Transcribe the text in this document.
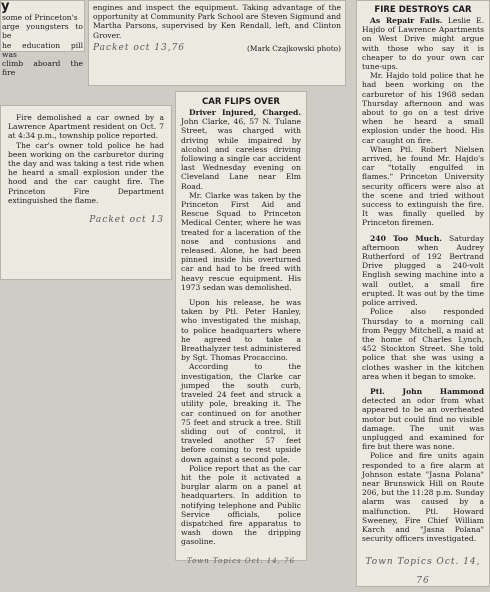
y

some of Princeton's

arge youngsters to be

he education pill was

climb aboard the fire

engines and inspect the equipment. Taking advantage of the opportunity at Community Park School are Steven Sigmund and Martha Parsons, supervised by Ken Rendall, left, and Clinton Grover.

Packet oct 13,76	(Mark Czajkowski photo)

Fire demolished a car owned by a Lawrence Apartment resident on Oct. 7 at 4:34 p.m., township police reported.

The car's owner told police he had been working on the carburetor during the day and was taking a test ride when he heard a small explosion under the hood and the car caught fire. The Princeton Fire Department extinguished the flame.

Packet oct 13
CAR FLIPS OVER

Driver Injured, Charged. John Clarke, 46, 57 N. Tulane Street, was charged with driving while impaired by alcohol and careless driving following a single car accident last Wednesday evening on Cleveland Lane near Elm Road.

Mr. Clarke was taken by the Princeton First Aid and Rescue Squad to Princeton Medical Center, where he was treated for a laceration of the nose and contusions and released. Alone, he had been pinned inside his overturned car and had to be freed with heavy rescue equipment. His 1973 sedan was demolished.

Upon his release, he was taken by Ptl. Peter Hanley, who investigated the mishap, to police headquarters where he agreed to take a Breathalyzer test administered by Sgt. Thomas Procaccino.

According to the investigation, the Clarke car jumped the south curb, traveled 24 feet and struck a utility pole, breaking it. The car continued on for another 75 feet and struck a tree. Still sliding out of control, it traveled another 57 feet before coming to rest upside down against a second pole.

Police report that as the car hit the pole it activated a burglar alarm on a panel at headquarters. In addition to notifying telephone and Public Service officials, police dispatched fire apparatus to wash down the dripping gasoline.

Town Topics Oct. 14, 76
FIRE DESTROYS CAR

As Repair Fails. Leslie E. Hajdo of Lawrence Apartments on West Drive might argue with those who say it is cheaper to do your own car tune-ups.

Mr. Hajdo told police that he had been working on the carburetor of his 1968 sedan Thursday afternoon and was about to go on a test drive when he heard a small explosion under the hood. His car caught on fire.

When Ptl. Robert Nielsen arrived, he found Mr. Hajdo's car "totally engulfed in flames." Princeton University security officers were also at the scene and tried without success to extinguish the fire. It was finally quelled by Princeton firemen.

240 Too Much. Saturday afternoon when Audrey Rutherford of 192 Bertrand Drive plugged a 240-volt English sewing machine into a wall outlet, a small fire erupted. It was out by the time police arrived.

Police also responded Thursday to a morning call from Peggy Mitchell, a maid at the home of Charles Lynch, 452 Stockton Street. She told police that she was using a clothes washer in the kitchen area when it began to smoke.

Ptl. John Hammond detected an odor from what appeared to be an overheated motor but could find no visible damage. The unit was unplugged and examined for fire but there was none.

Police and fire units again responded to a fire alarm at Johnson estate "Jasna Polana" near Brunswick Hill on Route 206, but the 11:28 p.m. Sunday alarm was caused by a malfunction. Ptl. Howard Sweeney, Fire Chief William Karch and "Jasna Polana" security officers investigated.

Town Topics Oct. 14, 76
